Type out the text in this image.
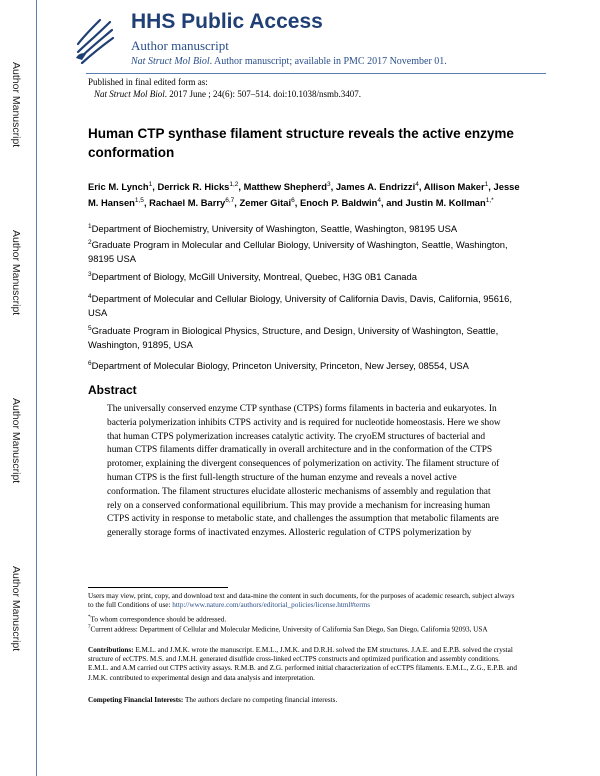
Author Manuscript
Author Manuscript
Author Manuscript
Author Manuscript
HHS Public Access
Author manuscript
Nat Struct Mol Biol. Author manuscript; available in PMC 2017 November 01.
Published in final edited form as:
Nat Struct Mol Biol. 2017 June ; 24(6): 507–514. doi:10.1038/nsmb.3407.
Human CTP synthase filament structure reveals the active enzyme conformation
Eric M. Lynch$^1$, Derrick R. Hicks$^{1,2}$, Matthew Shepherd$^3$, James A. Endrizzi$^4$, Allison Maker$^1$, Jesse M. Hansen$^{1,5}$, Rachael M. Barry$^{6,7}$, Zemer Gitai$^6$, Enoch P. Baldwin$^4$, and Justin M. Kollman$^{1,*}$
$^1$Department of Biochemistry, University of Washington, Seattle, Washington, 98195 USA
$^2$Graduate Program in Molecular and Cellular Biology, University of Washington, Seattle, Washington, 98195 USA
$^3$Department of Biology, McGill University, Montreal, Quebec, H3G 0B1 Canada
$^4$Department of Molecular and Cellular Biology, University of California Davis, Davis, California, 95616, USA
$^5$Graduate Program in Biological Physics, Structure, and Design, University of Washington, Seattle, Washington, 91895, USA
$^6$Department of Molecular Biology, Princeton University, Princeton, New Jersey, 08554, USA
Abstract
The universally conserved enzyme CTP synthase (CTPS) forms filaments in bacteria and eukaryotes. In bacteria polymerization inhibits CTPS activity and is required for nucleotide homeostasis. Here we show that human CTPS polymerization increases catalytic activity. The cryoEM structures of bacterial and human CTPS filaments differ dramatically in overall architecture and in the conformation of the CTPS protomer, explaining the divergent consequences of polymerization on activity. The filament structure of human CTPS is the first full-length structure of the human enzyme and reveals a novel active conformation. The filament structures elucidate allosteric mechanisms of assembly and regulation that rely on a conserved conformational equilibrium. This may provide a mechanism for increasing human CTPS activity in response to metabolic state, and challenges the assumption that metabolic filaments are generally storage forms of inactivated enzymes. Allosteric regulation of CTPS polymerization by
Users may view, print, copy, and download text and data-mine the content in such documents, for the purposes of academic research, subject always to the full Conditions of use: http://www.nature.com/authors/editorial_policies/license.html#terms
*To whom correspondence should be addressed.
$^7$Current address: Department of Cellular and Molecular Medicine, University of California San Diego, San Diego, California 92093, USA
Contributions: E.M.L. and J.M.K. wrote the manuscript. E.M.L., J.M.K. and D.R.H. solved the EM structures. J.A.E. and E.P.B. solved the crystal structure of ecCTPS. M.S. and J.M.H. generated disulfide cross-linked ecCTPS constructs and optimized purification and assembly conditions. E.M.L. and A.M carried out CTPS activity assays. R.M.B. and Z.G. performed initial characterization of ecCTPS filaments. E.M.L., Z.G., E.P.B. and J.M.K. contributed to experimental design and data analysis and interpretation.
Competing Financial Interests: The authors declare no competing financial interests.
